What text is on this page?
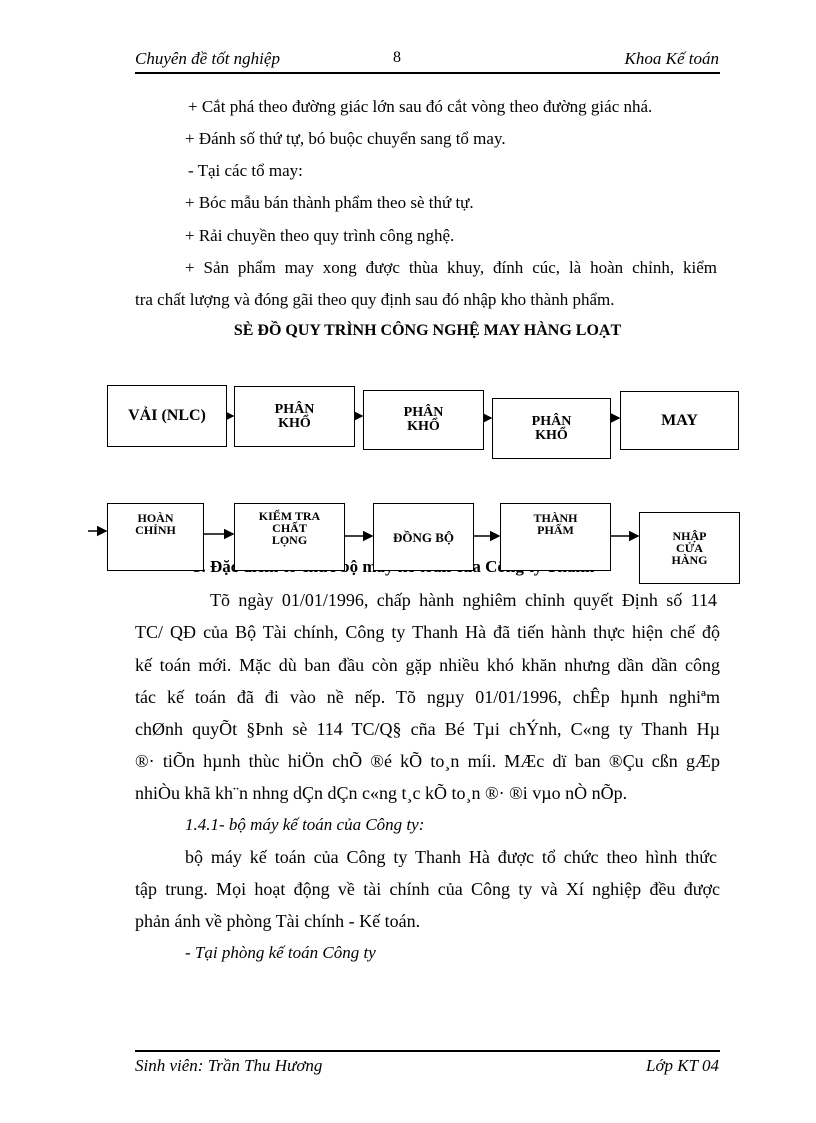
Chuyên đề tốt nghiệp	8	Khoa Kế toán
+ Cắt phá theo đường giác lớn sau đó cắt vòng theo đường giác nhá.
+ Đánh số thứ tự, bó buộc chuyển sang tổ may.
- Tại các tổ may:
+ Bóc mẫu bán thành phẩm theo sè thứ tự.
+ Rải chuyền theo quy trình công nghệ.
+ Sản phẩm may xong được thùa khuy, đính cúc, là hoàn chỉnh, kiểm
tra chất lượng và đóng gãi theo quy định sau đó nhập kho thành phẩm.
SÈ ĐỒ QUY TRÌNH CÔNG NGHỆ MAY HÀNG LOẠT
Đặc bộ
VẢI (NLC)	PHÂN
KHỔ
PHÂN
KHỔ	PHÂN
KHỔ
MAY
HOÀN
CHỈNH
KIỂM TRA
CHẤT
LỌNG	ĐỒNG BỘ
THÀNH
PHẨM	NHẬP
CỬA
HÀNG
Tõ ngày 01/01/1996, chấp hành nghiêm chỉnh quyết Định số 114
TC/ QĐ của Bộ Tài chính, Công ty Thanh Hà đã tiến hành thực hiện chế độ
kế toán mới. Mặc dù ban đầu còn gặp nhiều khó khăn nhưng dần dần công
tác kế toán đã đi vào nề nếp. Tõ ngµy 01/01/1996, chÊp hµnh nghiªm
chØnh quyÕt §Þnh sè 114 TC/Q§ cña Bé Tµi chÝnh, C«ng ty Thanh Hµ
®· tiÕn hµnh thùc hiÖn chÕ ®é kÕ to¸n míi. MÆc dï ban ®Çu cßn gÆp
nhiÒu khã kh¨n nhng dÇn dÇn c«ng t¸c kÕ to¸n ®· ®i vµo nÒ nÕp.
1.4.1- bộ máy kế toán của Công ty:
bộ máy kế toán của Công ty Thanh Hà được tổ chức theo hình thức
tập trung. Mọi hoạt động về tài chính của Công ty và Xí nghiệp đều được
phản ánh về phòng Tài chính - Kế toán.
- Tại phòng kế toán Công ty
Sinh viên: Trần Thu Hương	Lớp KT 04
